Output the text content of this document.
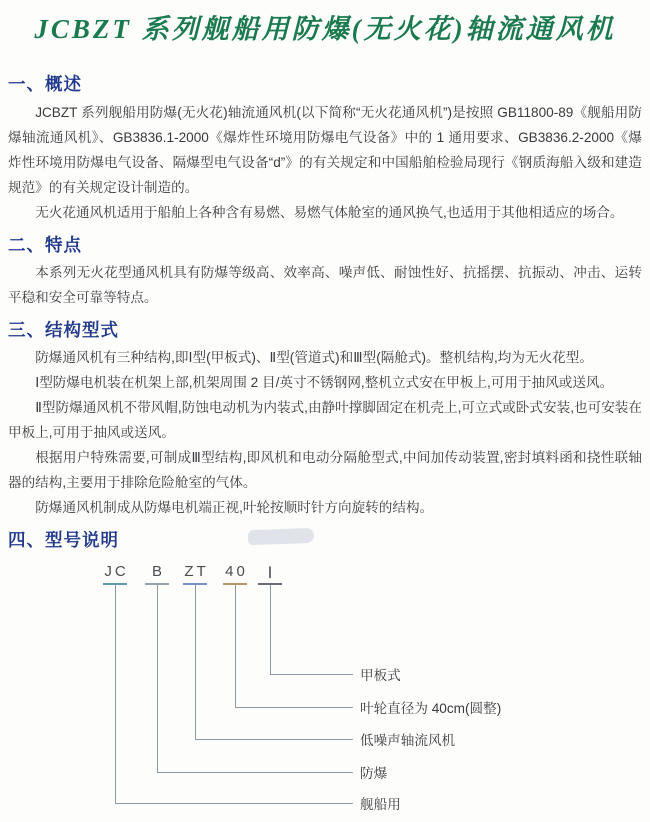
JCBZT 系列舰船用防爆(无火花)轴流通风机
一、概述

JCBZT 系列舰船用防爆(无火花)轴流通风机(以下简称“无火花通风机”)是按照 GB11800-89《舰船用防爆轴流通风机》、GB3836.1-2000《爆炸性环境用防爆电气设备》中的 1 通用要求、GB3836.2-2000《爆炸性环境用防爆电气设备、隔爆型电气设备“d”》的有关规定和中国船舶检验局现行《钢质海船入级和建造规范》的有关规定设计制造的。

无火花通风机适用于船舶上各种含有易燃、易燃气体舱室的通风换气,也适用于其他相适应的场合。

二、特点

本系列无火花型通风机具有防爆等级高、效率高、噪声低、耐蚀性好、抗摇摆、抗振动、冲击、运转平稳和安全可靠等特点。

三、结构型式

防爆通风机有三种结构,即Ⅰ型(甲板式)、Ⅱ型(管道式)和Ⅲ型(隔舱式)。整机结构,均为无火花型。

Ⅰ型防爆电机装在机架上部,机架周围 2 目/英寸不锈钢网,整机立式安在甲板上,可用于抽风或送风。

Ⅱ型防爆通风机不带风帽,防蚀电动机为内装式,由静叶撑脚固定在机壳上,可立式或卧式安装,也可安装在甲板上,可用于抽风或送风。

根据用户特殊需要,可制成Ⅲ型结构,即风机和电动分隔舱型式,中间加传动装置,密封填料函和挠性联轴器的结构,主要用于排除危险舱室的气体。

防爆通风机制成从防爆电机端正视,叶轮按顺时针方向旋转的结构。

四、型号说明
JC B ZT 40 Ⅰ
甲板式
叶轮直径为 40cm(圆整)
低噪声轴流风机
防爆
舰船用
